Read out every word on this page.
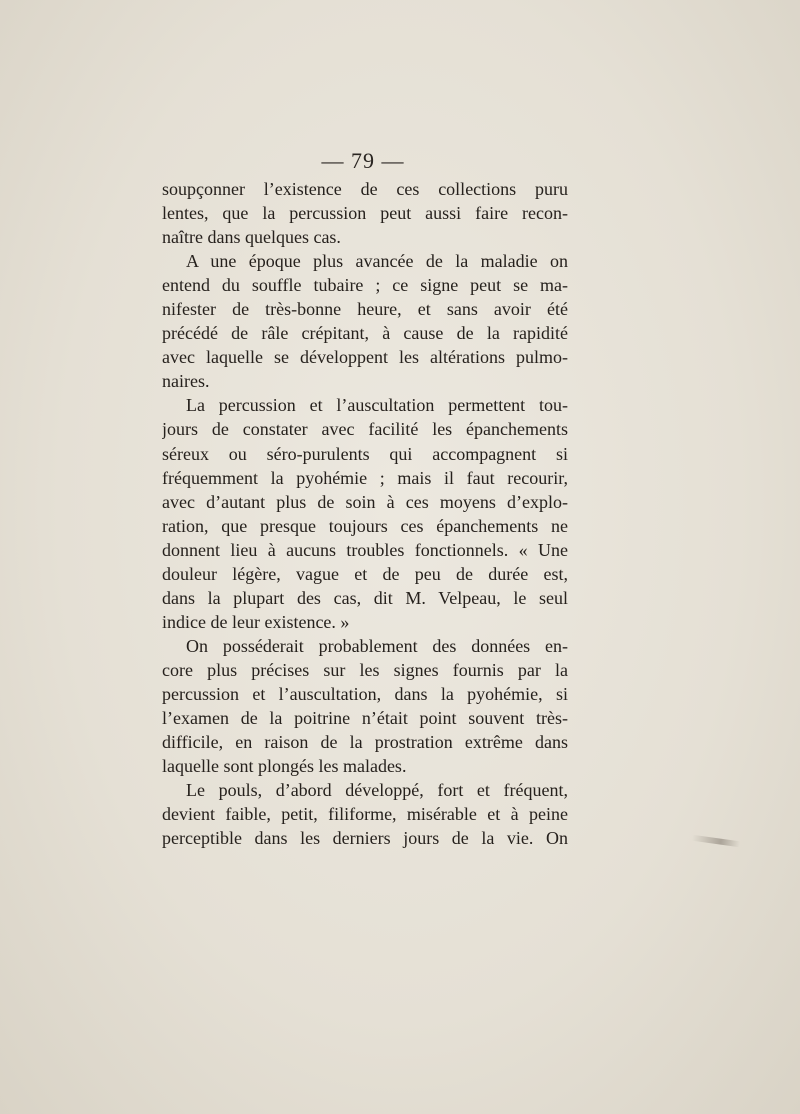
— 79 —
soupçonner l’existence de ces collections puru
lentes, que la percussion peut aussi faire recon-
naître dans quelques cas.
A une époque plus avancée de la maladie on
entend du souffle tubaire ; ce signe peut se ma-
nifester de très-bonne heure, et sans avoir été
précédé de râle crépitant, à cause de la rapidité
avec laquelle se développent les altérations pulmo-
naires.
La percussion et l’auscultation permettent tou-
jours de constater avec facilité les épanchements
séreux ou séro-purulents qui accompagnent si
fréquemment la pyohémie ; mais il faut recourir,
avec d’autant plus de soin à ces moyens d’explo-
ration, que presque toujours ces épanchements ne
donnent lieu à aucuns troubles fonctionnels. « Une
douleur légère, vague et de peu de durée est,
dans la plupart des cas, dit M. Velpeau, le seul
indice de leur existence. »
On posséderait probablement des données en-
core plus précises sur les signes fournis par la
percussion et l’auscultation, dans la pyohémie, si
l’examen de la poitrine n’était point souvent très-
difficile, en raison de la prostration extrême dans
laquelle sont plongés les malades.
Le pouls, d’abord développé, fort et fréquent,
devient faible, petit, filiforme, misérable et à peine
perceptible dans les derniers jours de la vie. On
